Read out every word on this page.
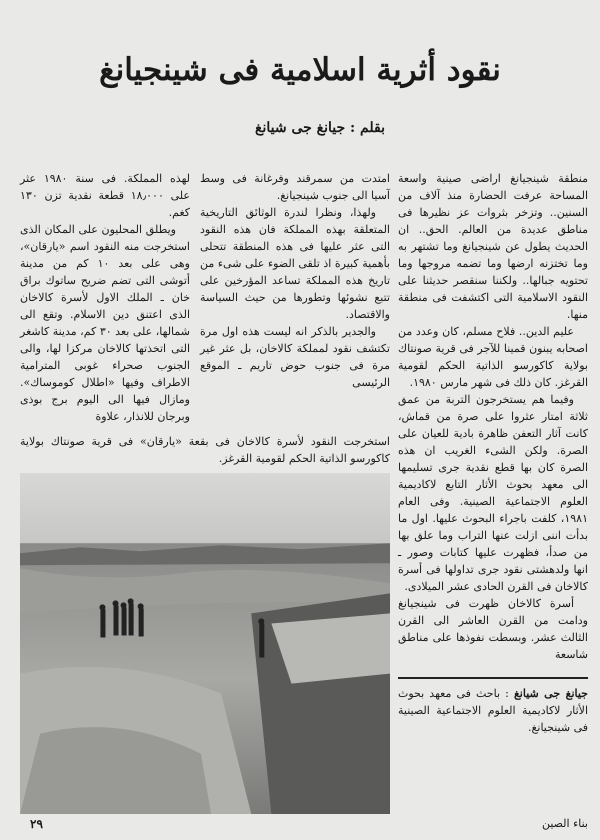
نقود أثرية اسلامية فى شينجيانغ
بقلم : جيانغ جى شيانغ

منطقة شينجيانغ اراضى صينية واسعة المساحة عرفت الحضارة منذ آلاف من السنين.. وتزخر بثروات عز نظيرها فى مناطق عديدة من العالم. الحق.. ان الحديث يطول عن شينجيانغ وما تشتهر به وما تختزنه ارضها وما تضمه مروجها وما تحتويه جبالها.. ولكننا سنقصر حديثنا على النقود الاسلامية التى اكتشفت فى منطقة منها.

عليم الدين.. فلاح مسلم، كان وعدد من اصحابه يبنون قمينا للآجر فى قرية صونتاك بولاية كاكورسو الذاتية الحكم لقومية القرغز. كان ذلك فى شهر مارس ١٩٨٠.

وفيما هم يستخرجون التربة من عمق ثلاثة امتار عثروا على صرة من قماش، كانت آثار التعفن ظاهرة بادية للعيان على الصرة. ولكن الشىء الغريب ان هذه الصرة كان بها قطع نقدية جرى تسليمها الى معهد بحوث الأثار التابع لاكاديمية العلوم الاجتماعية الصينية. وفى العام ١٩٨١، كلفت باجراء البحوث عليها. اول ما بدأت اننى ازلت عنها التراب وما علق بها من صدأ، فظهرت عليها كتابات وصور ـ انها ولدهشتى نقود جرى تداولها فى أسرة كالاخان فى القرن الحادى عشر الميلادى.

أسرة كالاخان ظهرت فى شينجيانغ ودامت من القرن العاشر الى القرن الثالث عشر. وبسطت نفوذها على مناطق شاسعة

جيانغ جى شيانغ : باحث فى معهد بحوث الأثار لاكاديمية العلوم الاجتماعية الصينية فى شينجيانغ.
بناء الصين

امتدت من سمرقند وفرغانة فى وسط آسيا الى جنوب شينجيانغ.

ولهذا، ونظرا لندرة الوثائق التاريخية المتعلقة بهذه المملكة فان هذه النقود التى عثر عليها فى هذه المنطقة تتحلى بأهمية كبيرة اذ تلقى الضوء على شىء من تاريخ هذه المملكة تساعد المؤرخين على تتبع نشوئها وتطورها من حيث السياسة والاقتصاد.

والجدير بالذكر انه ليست هذه اول مرة تكتشف نقود لمملكة كالاخان، بل عثر غير مرة فى جنوب حوض تاريم ـ الموقع الرئيسى

لهذه المملكة. فى سنة ١٩٨٠ عثر على ١٨٫٠٠٠ قطعة نقدية تزن ١٣٠ كغم.

ويطلق المحليون على المكان الذى استخرجت منه النقود اسم «يارقان»، وهى على بعد ١٠ كم من مدينة أتوشى التى تضم ضريح ساتوك براق خان ـ الملك الاول لأسرة كالاخان الذى اعتنق دين الاسلام. وتقع الى شمالها، على بعد ٣٠ كم، مدينة كاشغر التى اتخذتها كالاخان مركزا لها، والى الجنوب صحراء غوبى المترامية الاطراف وفيها «اطلال كوموساك». ومازال فيها الى اليوم برج بوذى وبرجان للانذار، علاوة

استخرجت النقود لأسرة كالاخان فى بقعة «يارقان» فى قرية صونتاك بولاية كاكورسو الذاتية الحكم لقومية القرغز.
٢٩
